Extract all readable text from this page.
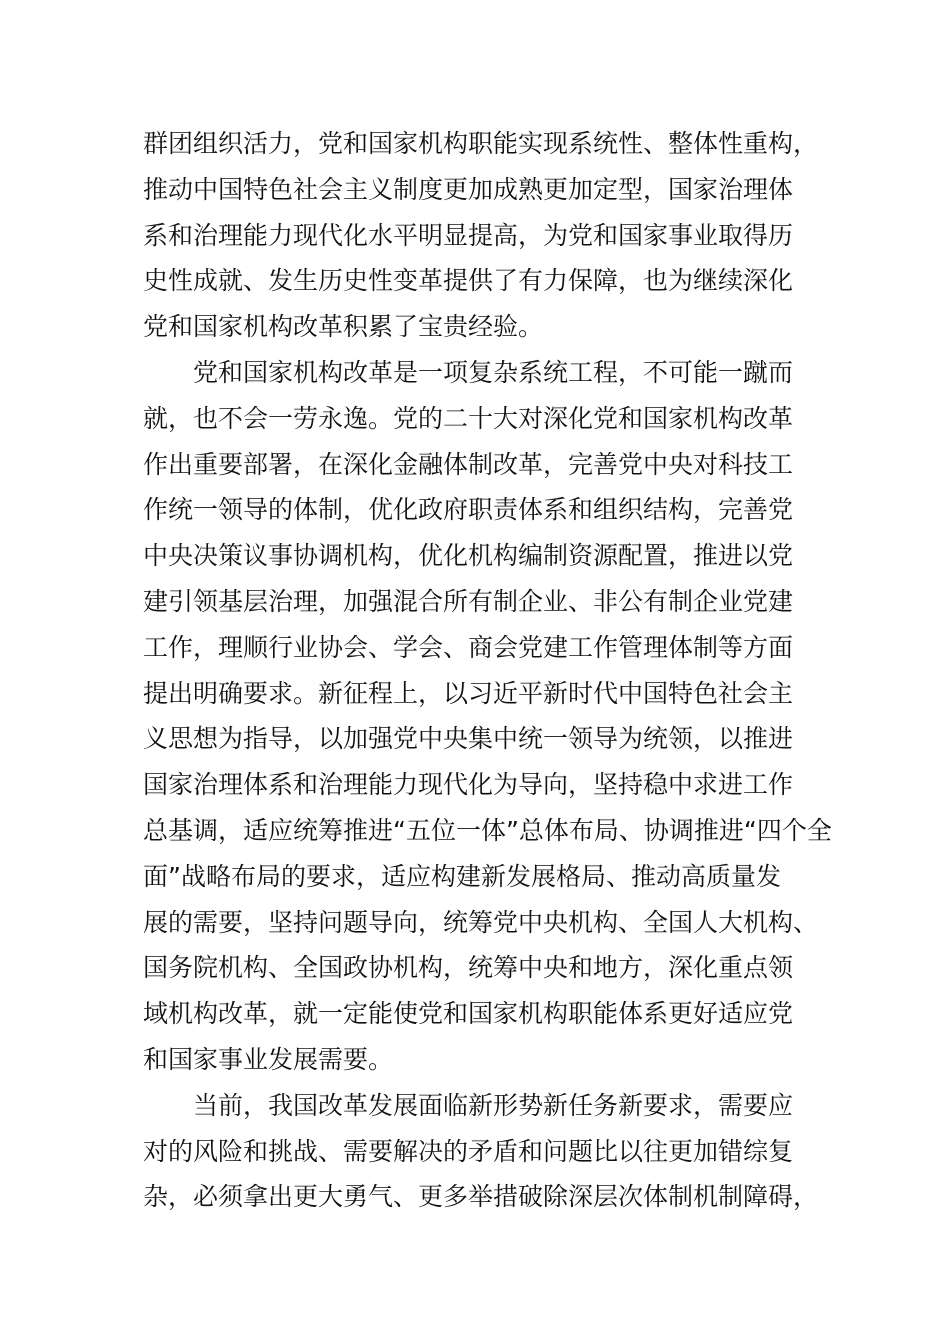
群团组织活力，党和国家机构职能实现系统性、整体性重构，
推动中国特色社会主义制度更加成熟更加定型，国家治理体
系和治理能力现代化水平明显提高，为党和国家事业取得历
史性成就、发生历史性变革提供了有力保障，也为继续深化
党和国家机构改革积累了宝贵经验。
党和国家机构改革是一项复杂系统工程，不可能一蹴而
就，也不会一劳永逸。党的二十大对深化党和国家机构改革
作出重要部署，在深化金融体制改革，完善党中央对科技工
作统一领导的体制，优化政府职责体系和组织结构，完善党
中央决策议事协调机构，优化机构编制资源配置，推进以党
建引领基层治理，加强混合所有制企业、非公有制企业党建
工作，理顺行业协会、学会、商会党建工作管理体制等方面
提出明确要求。新征程上，以习近平新时代中国特色社会主
义思想为指导，以加强党中央集中统一领导为统领，以推进
国家治理体系和治理能力现代化为导向，坚持稳中求进工作
总基调，适应统筹推进“五位一体”总体布局、协调推进“四个全
面”战略布局的要求，适应构建新发展格局、推动高质量发
展的需要，坚持问题导向，统筹党中央机构、全国人大机构、
国务院机构、全国政协机构，统筹中央和地方，深化重点领
域机构改革，就一定能使党和国家机构职能体系更好适应党
和国家事业发展需要。
当前，我国改革发展面临新形势新任务新要求，需要应
对的风险和挑战、需要解决的矛盾和问题比以往更加错综复
杂，必须拿出更大勇气、更多举措破除深层次体制机制障碍，
